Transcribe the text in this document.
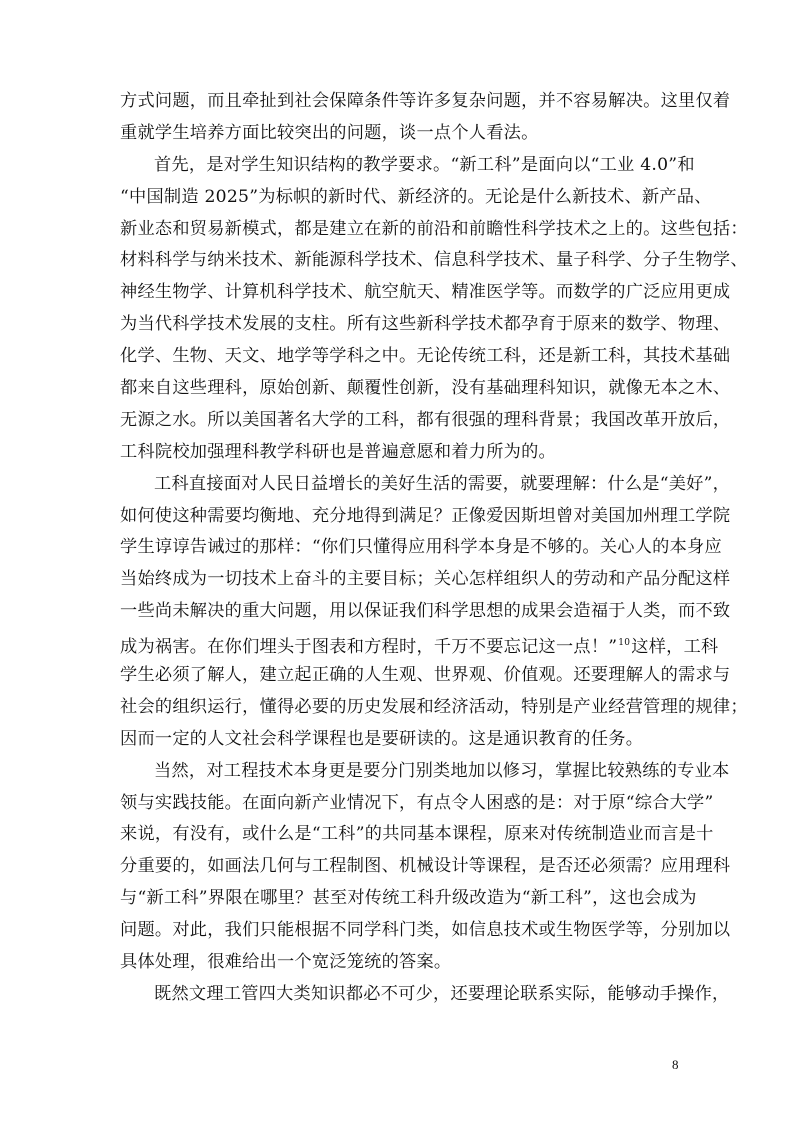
方式问题，而且牵扯到社会保障条件等许多复杂问题，并不容易解决。这里仅着
重就学生培养方面比较突出的问题，谈一点个人看法。
首先，是对学生知识结构的教学要求。“新工科”是面向以“工业 4.0”和
“中国制造 2025”为标帜的新时代、新经济的。无论是什么新技术、新产品、
新业态和贸易新模式，都是建立在新的前沿和前瞻性科学技术之上的。这些包括：
材料科学与纳米技术、新能源科学技术、信息科学技术、量子科学、分子生物学、
神经生物学、计算机科学技术、航空航天、精准医学等。而数学的广泛应用更成
为当代科学技术发展的支柱。所有这些新科学技术都孕育于原来的数学、物理、
化学、生物、天文、地学等学科之中。无论传统工科，还是新工科，其技术基础
都来自这些理科，原始创新、颠覆性创新，没有基础理科知识，就像无本之木、
无源之水。所以美国著名大学的工科，都有很强的理科背景；我国改革开放后，
工科院校加强理科教学科研也是普遍意愿和着力所为的。
工科直接面对人民日益增长的美好生活的需要，就要理解：什么是“美好”，
如何使这种需要均衡地、充分地得到满足？正像爱因斯坦曾对美国加州理工学院
学生谆谆告诫过的那样：“你们只懂得应用科学本身是不够的。关心人的本身应
当始终成为一切技术上奋斗的主要目标；关心怎样组织人的劳动和产品分配这样
一些尚未解决的重大问题，用以保证我们科学思想的成果会造福于人类，而不致
成为祸害。在你们埋头于图表和方程时，千万不要忘记这一点！”$^{10}$这样，工科
学生必须了解人，建立起正确的人生观、世界观、价值观。还要理解人的需求与
社会的组织运行，懂得必要的历史发展和经济活动，特别是产业经营管理的规律；
因而一定的人文社会科学课程也是要研读的。这是通识教育的任务。
当然，对工程技术本身更是要分门别类地加以修习，掌握比较熟练的专业本
领与实践技能。在面向新产业情况下，有点令人困惑的是：对于原“综合大学”
来说，有没有，或什么是“工科”的共同基本课程，原来对传统制造业而言是十
分重要的，如画法几何与工程制图、机械设计等课程，是否还必须需？应用理科
与“新工科”界限在哪里？甚至对传统工科升级改造为“新工科”，这也会成为
问题。对此，我们只能根据不同学科门类，如信息技术或生物医学等，分别加以
具体处理，很难给出一个宽泛笼统的答案。
既然文理工管四大类知识都必不可少，还要理论联系实际，能够动手操作，
8
